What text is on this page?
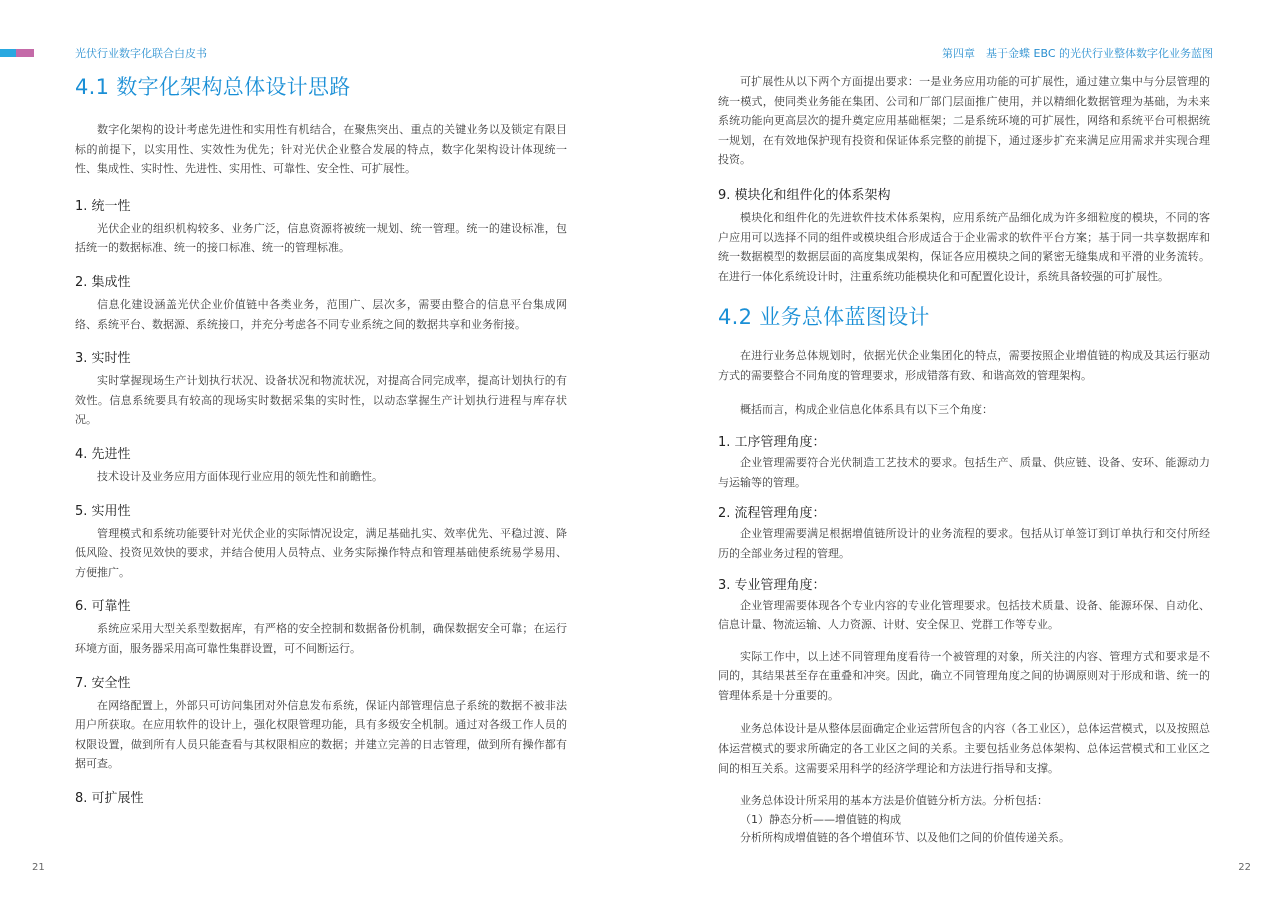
光伏行业数字化联合白皮书	第四章　基于金蝶 EBC 的光伏行业整体数字化业务蓝图
4.1 数字化架构总体设计思路

数字化架构的设计考虑先进性和实用性有机结合，在聚焦突出、重点的关键业务以及锁定有限目标的前提下，以实用性、实效性为优先；针对光伏企业整合发展的特点，数字化架构设计体现统一性、集成性、实时性、先进性、实用性、可靠性、安全性、可扩展性。

1. 统一性

光伏企业的组织机构较多、业务广泛，信息资源将被统一规划、统一管理。统一的建设标准，包括统一的数据标准、统一的接口标准、统一的管理标准。

2. 集成性

信息化建设涵盖光伏企业价值链中各类业务，范围广、层次多，需要由整合的信息平台集成网络、系统平台、数据源、系统接口，并充分考虑各不同专业系统之间的数据共享和业务衔接。

3. 实时性

实时掌握现场生产计划执行状况、设备状况和物流状况，对提高合同完成率，提高计划执行的有效性。信息系统要具有较高的现场实时数据采集的实时性，以动态掌握生产计划执行进程与库存状况。

4. 先进性

技术设计及业务应用方面体现行业应用的领先性和前瞻性。

5. 实用性

管理模式和系统功能要针对光伏企业的实际情况设定，满足基础扎实、效率优先、平稳过渡、降低风险、投资见效快的要求，并结合使用人员特点、业务实际操作特点和管理基础使系统易学易用、方便推广。

6. 可靠性

系统应采用大型关系型数据库，有严格的安全控制和数据备份机制，确保数据安全可靠；在运行环境方面，服务器采用高可靠性集群设置，可不间断运行。

7. 安全性

在网络配置上，外部只可访问集团对外信息发布系统，保证内部管理信息子系统的数据不被非法用户所获取。在应用软件的设计上，强化权限管理功能，具有多级安全机制。通过对各级工作人员的权限设置，做到所有人员只能查看与其权限相应的数据；并建立完善的日志管理，做到所有操作都有据可查。

8. 可扩展性

可扩展性从以下两个方面提出要求：一是业务应用功能的可扩展性，通过建立集中与分层管理的统一模式，使同类业务能在集团、公司和厂部门层面推广使用，并以精细化数据管理为基础，为未来系统功能向更高层次的提升奠定应用基础框架；二是系统环境的可扩展性，网络和系统平台可根据统一规划，在有效地保护现有投资和保证体系完整的前提下，通过逐步扩充来满足应用需求并实现合理投资。

9. 模块化和组件化的体系架构

模块化和组件化的先进软件技术体系架构，应用系统产品细化成为许多细粒度的模块，不同的客户应用可以选择不同的组件或模块组合形成适合于企业需求的软件平台方案；基于同一共享数据库和统一数据模型的数据层面的高度集成架构，保证各应用模块之间的紧密无缝集成和平滑的业务流转。在进行一体化系统设计时，注重系统功能模块化和可配置化设计，系统具备较强的可扩展性。

4.2 业务总体蓝图设计

在进行业务总体规划时，依据光伏企业集团化的特点，需要按照企业增值链的构成及其运行驱动方式的需要整合不同角度的管理要求，形成错落有致、和谐高效的管理架构。

概括而言，构成企业信息化体系具有以下三个角度：

1. 工序管理角度：

企业管理需要符合光伏制造工艺技术的要求。包括生产、质量、供应链、设备、安环、能源动力与运输等的管理。

2. 流程管理角度：

企业管理需要满足根据增值链所设计的业务流程的要求。包括从订单签订到订单执行和交付所经历的全部业务过程的管理。

3. 专业管理角度：

企业管理需要体现各个专业内容的专业化管理要求。包括技术质量、设备、能源环保、自动化、信息计量、物流运输、人力资源、计财、安全保卫、党群工作等专业。

实际工作中，以上述不同管理角度看待一个被管理的对象，所关注的内容、管理方式和要求是不同的，其结果甚至存在重叠和冲突。因此，确立不同管理角度之间的协调原则对于形成和谐、统一的管理体系是十分重要的。

业务总体设计是从整体层面确定企业运营所包含的内容（各工业区），总体运营模式，以及按照总体运营模式的要求所确定的各工业区之间的关系。主要包括业务总体架构、总体运营模式和工业区之间的相互关系。这需要采用科学的经济学理论和方法进行指导和支撑。

业务总体设计所采用的基本方法是价值链分析方法。分析包括：

（1）静态分析——增值链的构成

分析所构成增值链的各个增值环节、以及他们之间的价值传递关系。

21	22
